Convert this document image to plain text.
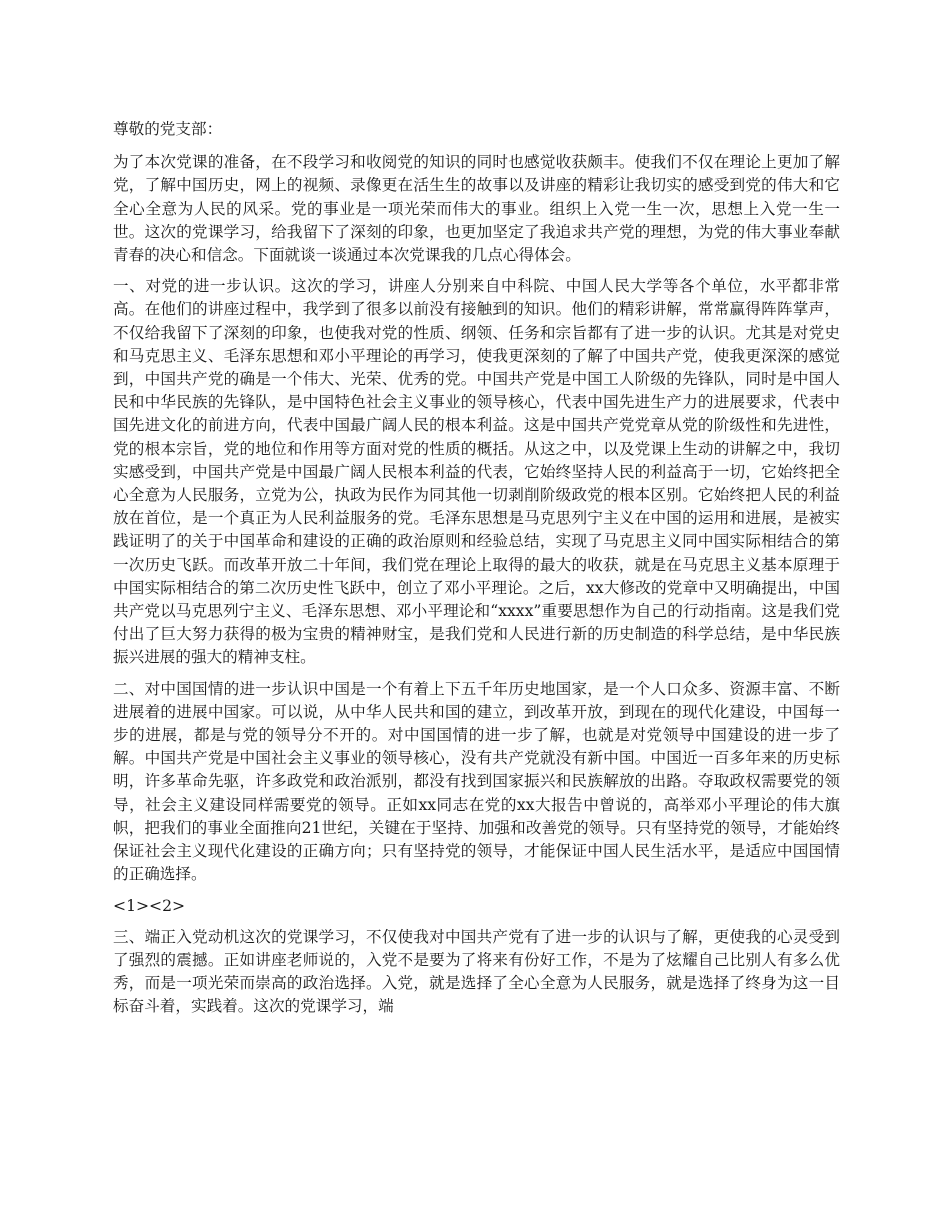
尊敬的党支部：

为了本次党课的准备，在不段学习和收阅党的知识的同时也感觉收获颇丰。使我们不仅在理论上更加了解党，了解中国历史，网上的视频、录像更在活生生的故事以及讲座的精彩让我切实的感受到党的伟大和它全心全意为人民的风采。党的事业是一项光荣而伟大的事业。组织上入党一生一次，思想上入党一生一世。这次的党课学习，给我留下了深刻的印象，也更加坚定了我追求共产党的理想，为党的伟大事业奉献青春的决心和信念。下面就谈一谈通过本次党课我的几点心得体会。

一、对党的进一步认识。这次的学习，讲座人分别来自中科院、中国人民大学等各个单位，水平都非常高。在他们的讲座过程中，我学到了很多以前没有接触到的知识。他们的精彩讲解，常常赢得阵阵掌声，不仅给我留下了深刻的印象，也使我对党的性质、纲领、任务和宗旨都有了进一步的认识。尤其是对党史和马克思主义、毛泽东思想和邓小平理论的再学习，使我更深刻的了解了中国共产党，使我更深深的感觉到，中国共产党的确是一个伟大、光荣、优秀的党。中国共产党是中国工人阶级的先锋队，同时是中国人民和中华民族的先锋队，是中国特色社会主义事业的领导核心，代表中国先进生产力的进展要求，代表中国先进文化的前进方向，代表中国最广阔人民的根本利益。这是中国共产党党章从党的阶级性和先进性，党的根本宗旨，党的地位和作用等方面对党的性质的概括。从这之中，以及党课上生动的讲解之中，我切实感受到，中国共产党是中国最广阔人民根本利益的代表，它始终坚持人民的利益高于一切，它始终把全心全意为人民服务，立党为公，执政为民作为同其他一切剥削阶级政党的根本区别。它始终把人民的利益放在首位，是一个真正为人民利益服务的党。毛泽东思想是马克思列宁主义在中国的运用和进展，是被实践证明了的关于中国革命和建设的正确的政治原则和经验总结，实现了马克思主义同中国实际相结合的第一次历史飞跃。而改革开放二十年间，我们党在理论上取得的最大的收获，就是在马克思主义基本原理于中国实际相结合的第二次历史性飞跃中，创立了邓小平理论。之后，xx大修改的党章中又明确提出，中国共产党以马克思列宁主义、毛泽东思想、邓小平理论和“xxxx”重要思想作为自己的行动指南。这是我们党付出了巨大努力获得的极为宝贵的精神财宝，是我们党和人民进行新的历史制造的科学总结，是中华民族振兴进展的强大的精神支柱。

二、对中国国情的进一步认识中国是一个有着上下五千年历史地国家，是一个人口众多、资源丰富、不断进展着的进展中国家。可以说，从中华人民共和国的建立，到改革开放，到现在的现代化建设，中国每一步的进展，都是与党的领导分不开的。对中国国情的进一步了解，也就是对党领导中国建设的进一步了解。中国共产党是中国社会主义事业的领导核心，没有共产党就没有新中国。中国近一百多年来的历史标明，许多革命先驱，许多政党和政治派别，都没有找到国家振兴和民族解放的出路。夺取政权需要党的领导，社会主义建设同样需要党的领导。正如xx同志在党的xx大报告中曾说的，高举邓小平理论的伟大旗帜，把我们的事业全面推向21世纪，关键在于坚持、加强和改善党的领导。只有坚持党的领导，才能始终保证社会主义现代化建设的正确方向；只有坚持党的领导，才能保证中国人民生活水平，是适应中国国情的正确选择。

<1><2>

三、端正入党动机这次的党课学习，不仅使我对中国共产党有了进一步的认识与了解，更使我的心灵受到了强烈的震撼。正如讲座老师说的，入党不是要为了将来有份好工作，不是为了炫耀自己比别人有多么优秀，而是一项光荣而崇高的政治选择。入党，就是选择了全心全意为人民服务，就是选择了终身为这一目标奋斗着，实践着。这次的党课学习，端
